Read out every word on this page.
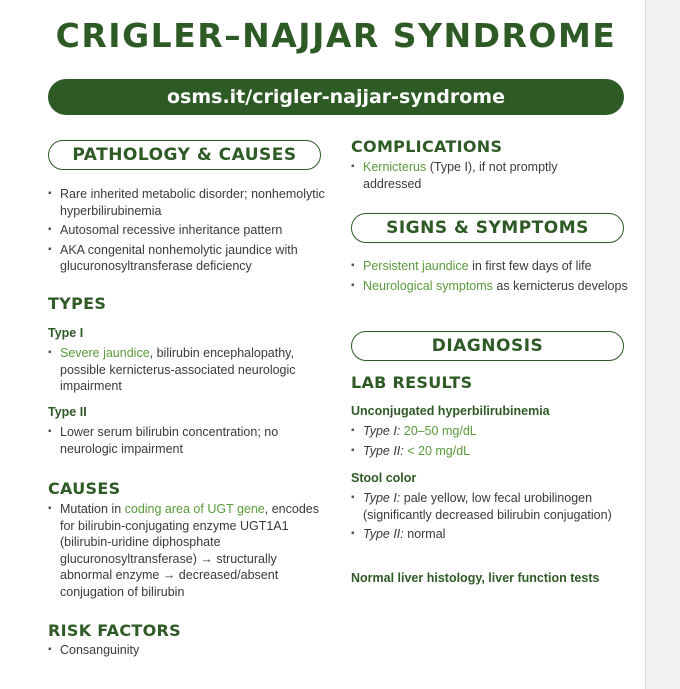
CRIGLER–NAJJAR SYNDROME
osms.it/crigler-najjar-syndrome
PATHOLOGY & CAUSES
▪ Rare inherited metabolic disorder; nonhemolytic hyperbilirubinemia
▪ Autosomal recessive inheritance pattern
▪ AKA congenital nonhemolytic jaundice with glucuronosyltransferase deficiency
TYPES
Type I
▪ Severe jaundice, bilirubin encephalopathy, possible kernicterus-associated neurologic impairment
Type II
▪ Lower serum bilirubin concentration; no neurologic impairment
CAUSES
▪ Mutation in coding area of UGT gene, encodes for bilirubin-conjugating enzyme UGT1A1 (bilirubin-uridine diphosphate glucuronosyltransferase) → structurally abnormal enzyme → decreased/absent conjugation of bilirubin
RISK FACTORS
▪ Consanguinity
COMPLICATIONS
▪ Kernicterus (Type I), if not promptly addressed
SIGNS & SYMPTOMS
▪ Persistent jaundice in first few days of life
▪ Neurological symptoms as kernicterus develops
DIAGNOSIS
LAB RESULTS
Unconjugated hyperbilirubinemia
▪ Type I: 20–50 mg/dL
▪ Type II: < 20 mg/dL
Stool color
▪ Type I: pale yellow, low fecal urobilinogen (significantly decreased bilirubin conjugation)
▪ Type II: normal
Normal liver histology, liver function tests
